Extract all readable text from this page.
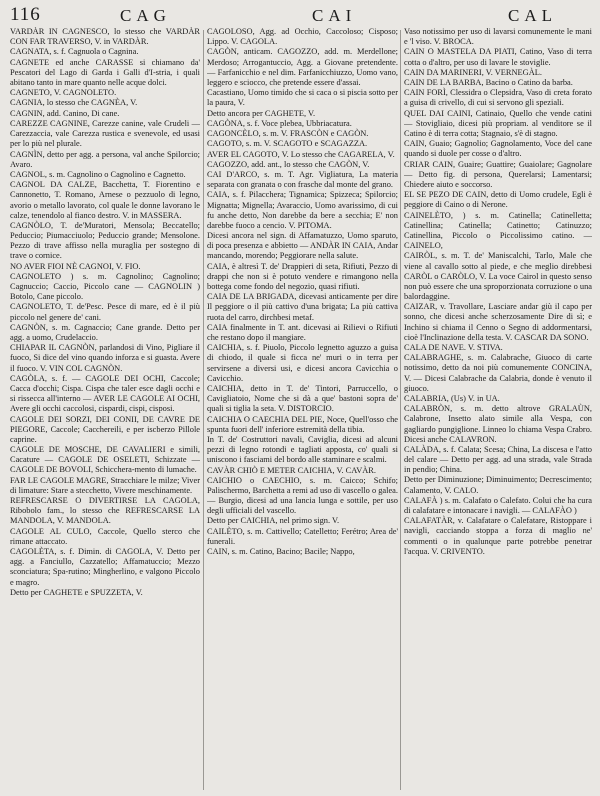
116	CAG	CAI	CAL

VARDÀR IN CAGNESCO, lo stesso che VARDÀR CON FAR TRAVERSO, V. in VARDÀR.

CAGNATA, s. f. Cagnuola o Cagnina.

CAGNETE ed anche CARASSE si chiamano da' Pescatori del Lago di Garda i Galli d'I-stria, i quali abitano tanto in mare quanto nelle acque dolci.

CAGNETO, V. CAGNOLETO.

CAGNIA, lo stesso che CAGNÈA, V.

CAGNIN, add. Canino, Di cane.

CAREZZE CAGNINE, Carezze canine, vale Crudeli — Carezzaccia, vale Carezza rustica e svenevole, ed usasi per lo più nel plurale.

CAGNÌN, detto per agg. a persona, val anche Spilorcio; Avaro.

CAGNOL, s. m. Cagnolino o Cagnolino e Cagnetto.

CAGNOL DA CALZE, Bacchetta, T. Fiorentino e Cannonetto, T. Romano, Arnese o pezzuolo di legno, avorio o metallo lavorato, col quale le donne lavorano le calze, tenendolo al fianco destro. V. in MASSERA.

CAGNÒLO, T. de'Muratori, Mensola; Beccatello; Peduccio; Piumacciuolo; Peduccio grande; Mensolone. Pezzo di trave affisso nella muraglia per sostegno di trave o cornice.

NO AVER FIOI NÈ CAGNOI, V. FIO.

CAGNOLETO ) s. m. Cagnolino; Cagnolino; Cagnuccio; Caccio, Piccolo cane — CAGNOLIN ) Botolo, Cane piccolo.

CAGNOLETO, T. de'Pesc. Pesce di mare, ed è il più piccolo nel genere de' cani.

CAGNÒN, s. m. Cagnaccio; Cane grande. Detto per agg. a uomo, Crudelaccio.

CHIAPAR IL CAGNÒN, parlandosi di Vino, Pigliare il fuoco, Si dice del vino quando inforza e si guasta. Avere il fuoco. V. VIN COL CAGNÒN.

CAGÒLA, s. f. — CAGOLE DEI OCHI, Caccole; Cacca d'occhi; Cispa. Cispa che taler esce dagli occhi e si rissecca all'interno — AVER LE CAGOLE AI OCHI, Avere gli occhi caccolosi, cispardi, cispi, cisposi.

CAGOLE DEI SORZI, DEI CONII, DE CAVRE DE PIEGORE, Caccole; Cacchereili, e per iscberzo Pillole caprine.

CAGOLE DE MOSCHE, DE CAVALIERI e simili, Cacature — CAGOLE DE OSELETI, Schizzate — CAGOLE DE BOVOLI, Schicchera-mento di lumache.

FAR LE CAGOLE MAGRE, Stracchiare le milze; Viver di limature: Stare a stecchetto, Vivere meschinamente.

REFRESCARSE O DIVERTIRSE LA CAGOLA, Ribobolo fam., lo stesso che REFRESCARSE LA MANDOLA, V. MANDOLA.

CAGOLE AL CULO, Caccole, Quello sterco che rimane attaccato.

CAGOLÈTA, s. f. Dimin. di CAGOLA, V. Detto per agg. a Fanciullo, Cazzatello; Affamatuccio; Mezzo sconciatura; Spa-rutino; Mingherlino, e valgono Piccolo e magro.

Detto per CAGHETE e SPUZZETA, V.

CAGOLOSO, Agg. ad Occhio, Caccoloso; Cisposo; Lippo. V. CAGOLA.

CAGÒN, anticam. CAGOZZO, add. m. Merdellone; Merdoso; Arrogantuccio, Agg. a Giovane pretendente. — Farfanicchio e nel dim. Farfanicchiuzzo, Uomo vano, leggero e sciocco, che pretende essere d'assai.

Cacastiano, Uomo timido che si caca o si piscia sotto per la paura, V.

Detto ancora per CAGHETE, V.

CAGÒNA, s. f. Voce plebea, Ubbriacatura.

CAGONCÈLO, s. m. V. FRASCÒN e CAGÒN.

CAGOTO, s. m. V. SCAGOTO e SCAGAZZA.

AVER EL CAGOTO, V. Lo stesso che CAGARELA, V.

CAGOZZO, add. ant., lo stesso che CAGÒN, V.

CAI D'ARCO, s. m. T. Agr. Vigliatura, La materia separata con granata o con frasche dal monte del grano.

CAIA, s. f. Pilacchera; Tignamica; Spizzeca; Spilorcio; Mignatta; Mignella; Avaraccio, Uomo avarissimo, di cui fu anche detto, Non darebbe da bere a secchia; E' non darebbe fuoco a cencio. V. PITOMA.

Dicesi ancora nel sign. di Affamatuzzo, Uomo sparuto, di poca presenza e abbietto — ANDÀR IN CAIA, Andar mancando, morendo; Peggiorare nella salute.

CAIA, è altresì T. de' Drappieri di seta, Rifiuti, Pezzo di drappi che non si è potuto vendere e rimangono nella bottega come fondo del negozio, quasi rifiuti.

CAIA DE LA BRIGADA, dicevasi anticamente per dire Il peggiore o il più cattivo d'una brigata; La più cattiva ruota del carro, dirchbesi metaf.

CAIA finalmente in T. ant. dicevasi ai Rilievi o Rifiuti che restano dopo il mangiare.

CAICHIA, s. f. Piuolo, Piccolo legnetto aguzzo a guisa di chiodo, il quale si ficca ne' muri o in terra per servirsene a diversi usi, e dicesi ancora Cavicchia o Cavicchio.

CAICHIA, detto in T. de' Tintori, Parruccello, o Cavigliatoio, Nome che si dà a que' bastoni sopra de' quali si tiglia la seta. V. DISTORCIO.

CAICHIA O CAECHIA DEL PIE, Noce, Quell'osso che spunta fuori dell' inferiore estremità della tibia.

In T. de' Costruttori navali, Caviglia, dicesi ad alcuni pezzi di legno rotondi e tagliati apposta, co' quali si uniscono i fasciami del bordo alle staminare e scalmi.

CAVÀR CHIÒ E METER CAICHIA, V. CAVÀR.

CAICHIO o CAECHIO, s. m. Caicco; Schifo; Palischermo, Barchetta a remi ad uso di vascello o galea. — Burgio, dicesi ad una lancia lunga e sottile, per uso degli ufficiali del vascello.

Detto per CAICHIA, nel primo sign. V.

CAILÈTO, s. m. Cattivello; Catelletto; Ferétro; Area de' funerali.

CAIN, s. m. Catino, Bacino; Bacile; Nappo,

Vaso notissimo per uso di lavarsi comunemente le mani e 'l viso. V. BROCA.

CAIN O MASTELA DA PIATI, Catino, Vaso di terra cotta o d'altro, per uso di lavare le stoviglie.

CAIN DA MARINERI, V. VERNEGÀL.

CAIN DE LA BARBA, Bacino o Catino da barba.

CAIN FORÌ, Clessidra o Clepsidra, Vaso di creta forato a guisa di crivello, di cui si servono gli speziali.

QUEL DAI CAINI, Catinaio, Quello che vende catini — Stovigliaio, dicesi più propriam. al venditore se il Catino è di terra cotta; Stagnaio, s'è di stagno.

CAIN, Guaio; Gagnolio; Gagnolamento, Voce del cane quando si duole per cosse o d'altro.

CRIAR CAIN, Guaire; Guattire; Guaiolare; Gagnolare — Detto fig. di persona, Querelarsi; Lamentarsi; Chiedere aiuto e soccorso.

EL SE PEZO DE CAIN, detto di Uomo crudele, Egli è peggiore di Caino o di Nerone.

CAINELÈTO, ) s. m. Catinella; Catinelletta; Catinellina; Catinella; Catinetto; Catinuzzo; Catinellina, Piccolo o Piccolissimo catino. — CAINELO,

CAIRÒL, s. m. T. de' Maniscalchi, Tarlo, Male che viene al cavallo sotto al piede, e che meglio direbbesi CARÒL o CARÒLO, V. La voce Cairol in questo senso non può essere che una sproporzionata corruzione o una balordaggine.

CAIZAR, v. Travollare, Lasciare andar giù il capo per sonno, che dicesi anche scherzosamente Dire di sì; e Inchino si chiama il Cenno o Segno di addormentarsi, cioè l'Inclinazione della testa. V. CASCAR DA SONO.

CALA DE NAVE. V. STIVA.

CALABRAGHE, s. m. Calabrache, Giuoco di carte notissimo, detto da noi più comunemente CONCINA, V. — Dicesi Calabrache da Calabria, donde è venuto il giuoco.

CALABRIA, (Us) V. in UA.

CALABRÒN, s. m. detto altrove GRALAÙN, Calabrone, Insetto alato simile alla Vespa, con gagliardo pungiglione. Linneo lo chiama Vespa Crabro. Dicesi anche CALAVRON.

CALÀDA, s. f. Calata; Scesa; China, La discesa e l'atto del calare — Detto per agg. ad una strada, vale Strada in pendio; China.

Detto per Diminuzione; Diminuimento; Decrescimento; Calamento, V. CALO.

CALAFÀ ) s. m. Calafato o Calefato. Colui che ha cura di calafatare e intonacare i navigli. — CALAFÀO )

CALAFATÀR, v. Calafatare o Calefatare, Ristoppare i navigli, cacciando stoppa a forza di maglio ne' commenti o in qualunque parte potrebbe penetrar l'acqua. V. CRIVENTO.
